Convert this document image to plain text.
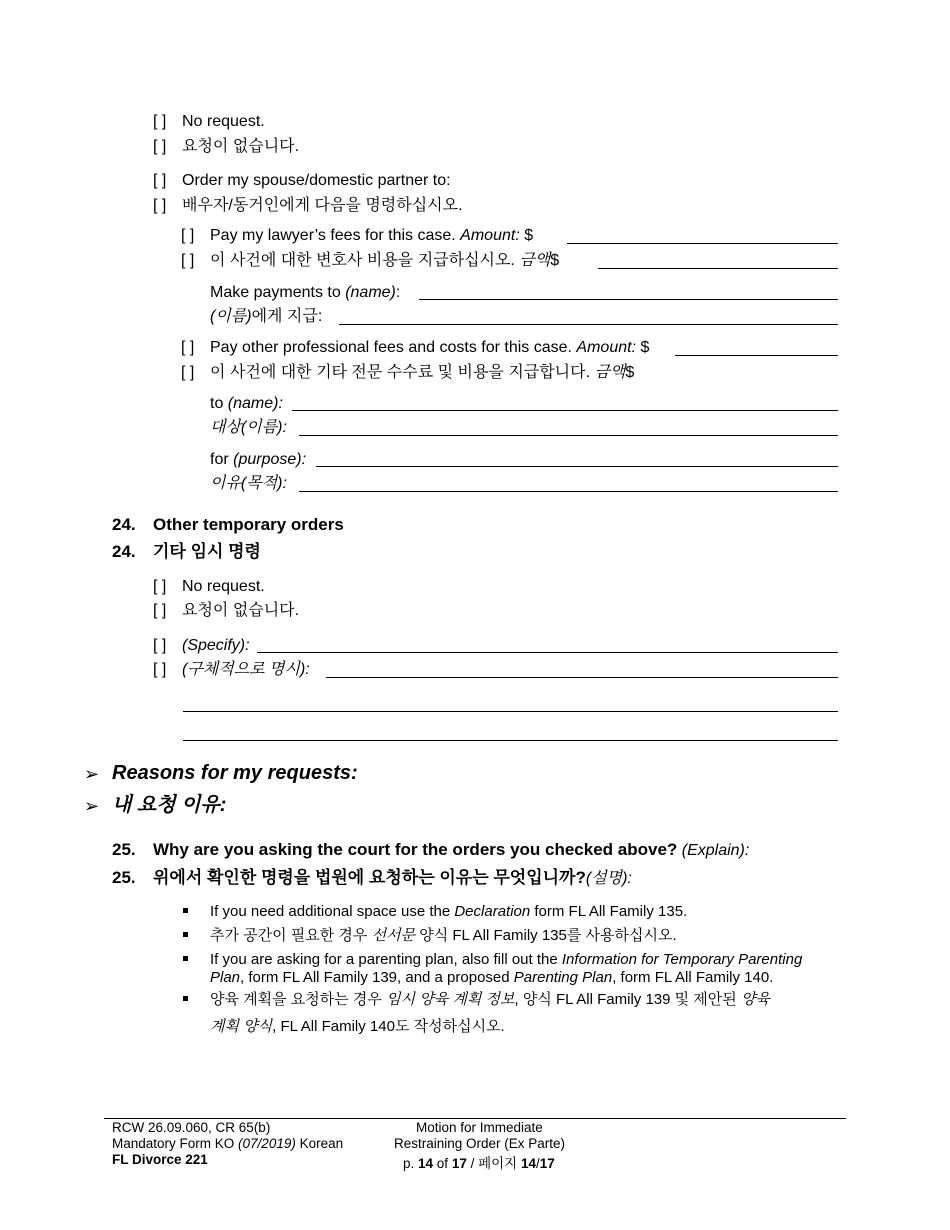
[ ] No request.
[ ] 요청이 없습니다.
[ ] Order my spouse/domestic partner to:
[ ] 배우자/동거인에게 다음을 명령하십시오.
[ ] Pay my lawyer’s fees for this case. Amount: $
[ ] 이 사건에 대한 변호사 비용을 지급하십시오. 금액$
Make payments to (name):
(이름)에게 지급:
[ ] Pay other professional fees and costs for this case. Amount: $
[ ] 이 사건에 대한 기타 전문 수수료 및 비용을 지급합니다. 금액$
to (name):
대상(이름):
for (purpose):
이유(목적):
24. Other temporary orders
24. 기타 임시 명령
[ ] No request.
[ ] 요청이 없습니다.
[ ] (Specify):
[ ] (구체적으로 명시):
➢ Reasons for my requests:
➢ 내 요청 이유:
25. Why are you asking the court for the orders you checked above? (Explain):
25. 위에서 확인한 명령을 법원에 요청하는 이유는 무엇입니까?(설명):
If you need additional space use the Declaration form FL All Family 135.
추가 공간이 필요한 경우 선서문 양식 FL All Family 135를 사용하십시오.
If you are asking for a parenting plan, also fill out the Information for Temporary Parenting
Plan, form FL All Family 139, and a proposed Parenting Plan, form FL All Family 140.
양육 계획을 요청하는 경우 임시 양육 계획 정보, 양식 FL All Family 139 및 제안된 양육
계획 양식, FL All Family 140도 작성하십시오.
RCW 26.09.060, CR 65(b)
Mandatory Form KO (07/2019) Korean
FL Divorce 221
Motion for Immediate
Restraining Order (Ex Parte)
p. 14 of 17 / 페이지 14/17
